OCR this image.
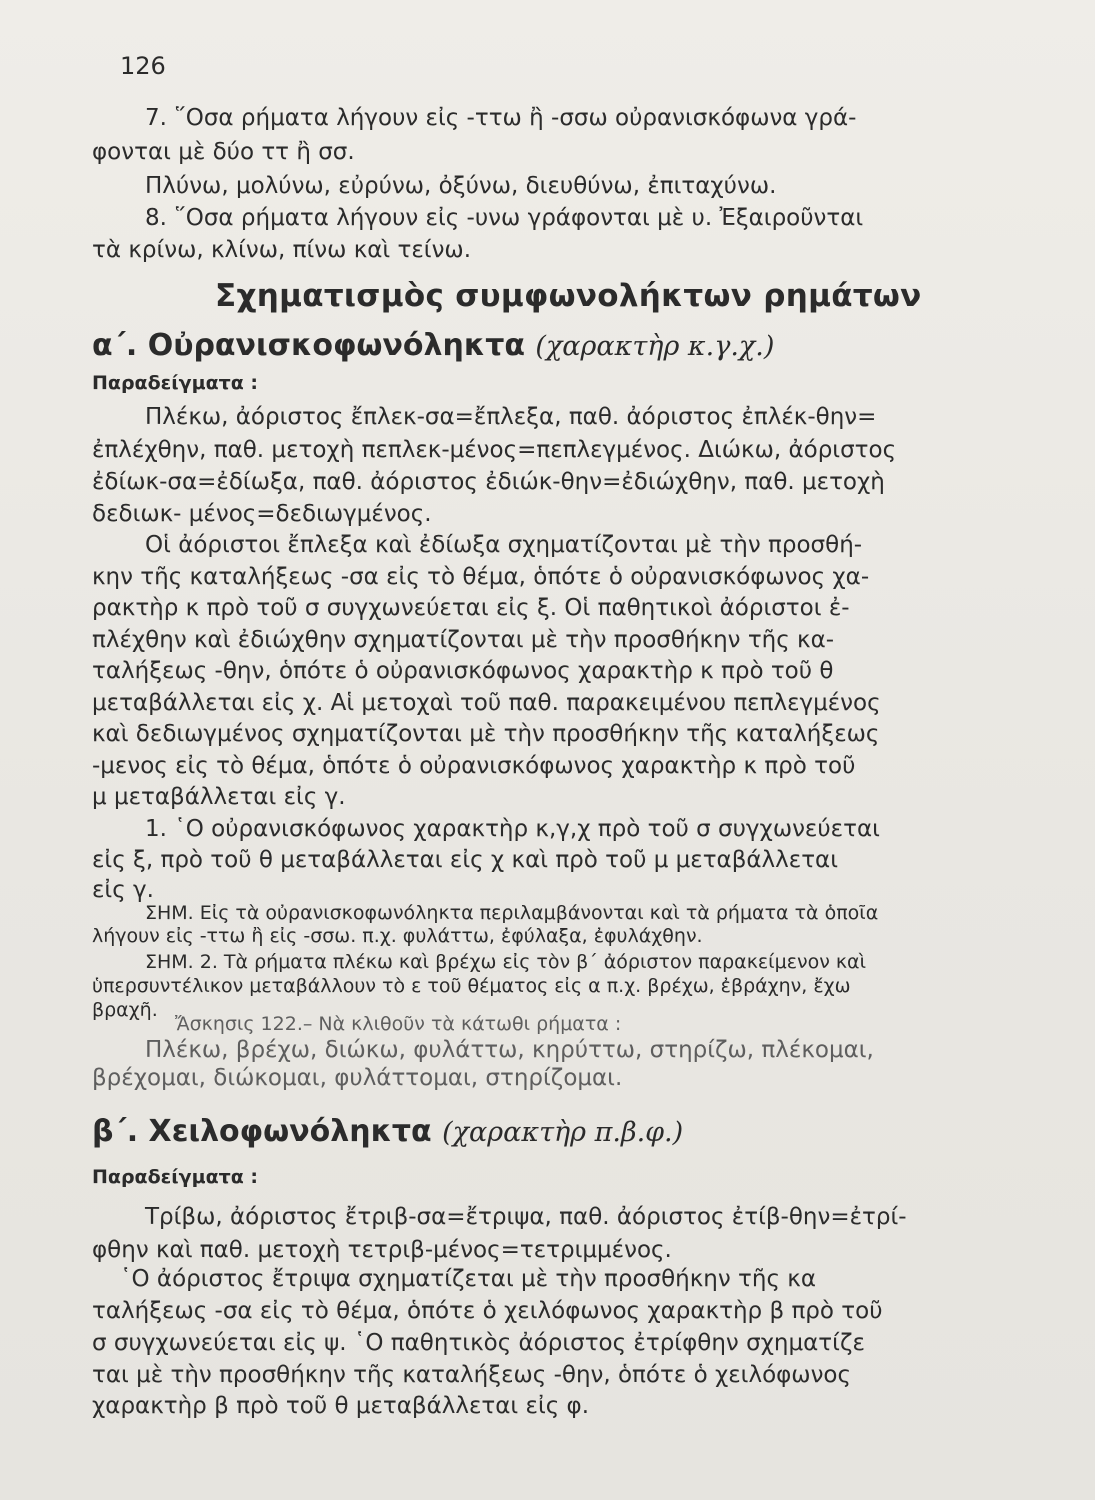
126
7. ῞Οσα ρήματα λήγουν εἰς -ττω ἢ -σσω οὐρανισκόφωνα γρά-
φονται μὲ δύο ττ ἢ σσ.
Πλύνω, μολύνω, εὐρύνω, ὀξύνω, διευθύνω, ἐπιταχύνω.
8. ῞Οσα ρήματα λήγουν εἰς -υνω γράφονται μὲ υ. Ἐξαιροῦνται
τὰ κρίνω, κλίνω, πίνω καὶ τείνω.
Σχηματισμὸς συμφωνολήκτων ρημάτων
α΄. Οὐρανισκοφωνόληκτα (χαρακτὴρ κ.γ.χ.)
Παραδείγματα :
Πλέκω, ἀόριστος ἔπλεκ-σα=ἔπλεξα, παθ. ἀόριστος ἐπλέκ-θην=
ἐπλέχθην, παθ. μετοχὴ πεπλεκ-μένος=πεπλεγμένος. Διώκω, ἀόριστος
ἐδίωκ-σα=ἐδίωξα, παθ. ἀόριστος ἐδιώκ-θην=ἐδιώχθην, παθ. μετοχὴ
δεδιωκ- μένος=δεδιωγμένος.
Οἱ ἀόριστοι ἔπλεξα καὶ ἐδίωξα σχηματίζονται μὲ τὴν προσθή-
κην τῆς καταλήξεως -σα εἰς τὸ θέμα, ὁπότε ὁ οὐρανισκόφωνος χα-
ρακτὴρ κ πρὸ τοῦ σ συγχωνεύεται εἰς ξ. Οἱ παθητικοὶ ἀόριστοι ἐ-
πλέχθην καὶ ἐδιώχθην σχηματίζονται μὲ τὴν προσθήκην τῆς κα-
ταλήξεως -θην, ὁπότε ὁ οὐρανισκόφωνος χαρακτὴρ κ πρὸ τοῦ θ
μεταβάλλεται εἰς χ. Αἱ μετοχαὶ τοῦ παθ. παρακειμένου πεπλεγμένος
καὶ δεδιωγμένος σχηματίζονται μὲ τὴν προσθήκην τῆς καταλήξεως
-μενος εἰς τὸ θέμα, ὁπότε ὁ οὐρανισκόφωνος χαρακτὴρ κ πρὸ τοῦ
μ μεταβάλλεται εἰς γ.
1. ῾Ο οὐρανισκόφωνος χαρακτὴρ κ,γ,χ πρὸ τοῦ σ συγχωνεύεται
εἰς ξ, πρὸ τοῦ θ μεταβάλλεται εἰς χ καὶ πρὸ τοῦ μ μεταβάλλεται
εἰς γ.
ΣΗΜ. Εἰς τὰ οὐρανισκοφωνόληκτα περιλαμβάνονται καὶ τὰ ρήματα τὰ ὁποῖα
λήγουν εἰς -ττω ἢ εἰς -σσω. π.χ. φυλάττω, ἐφύλαξα, ἐφυλάχθην.
ΣΗΜ. 2. Τὰ ρήματα πλέκω καὶ βρέχω εἰς τὸν β΄ ἀόριστον παρακείμενον καὶ
ὑπερσυντέλικον μεταβάλλουν τὸ ε τοῦ θέματος εἰς α π.χ. βρέχω, ἐβράχην, ἔχω
βραχῆ.
Ἄσκησις 122.– Νὰ κλιθοῦν τὰ κάτωθι ρήματα :
Πλέκω, βρέχω, διώκω, φυλάττω, κηρύττω, στηρίζω, πλέκομαι,
βρέχομαι, διώκομαι, φυλάττομαι, στηρίζομαι.
β΄. Χειλοφωνόληκτα (χαρακτὴρ π.β.φ.)
Παραδείγματα :
Τρίβω, ἀόριστος ἔτριβ-σα=ἔτριψα, παθ. ἀόριστος ἐτίβ-θην=ἐτρί-
φθην καὶ παθ. μετοχὴ τετριβ-μένος=τετριμμένος.
῾Ο ἀόριστος ἔτριψα σχηματίζεται μὲ τὴν προσθήκην τῆς κα
ταλήξεως -σα εἰς τὸ θέμα, ὁπότε ὁ χειλόφωνος χαρακτὴρ β πρὸ τοῦ
σ συγχωνεύεται εἰς ψ. ῾Ο παθητικὸς ἀόριστος ἐτρίφθην σχηματίζε
ται μὲ τὴν προσθήκην τῆς καταλήξεως -θην, ὁπότε ὁ χειλόφωνος
χαρακτὴρ β πρὸ τοῦ θ μεταβάλλεται εἰς φ.
